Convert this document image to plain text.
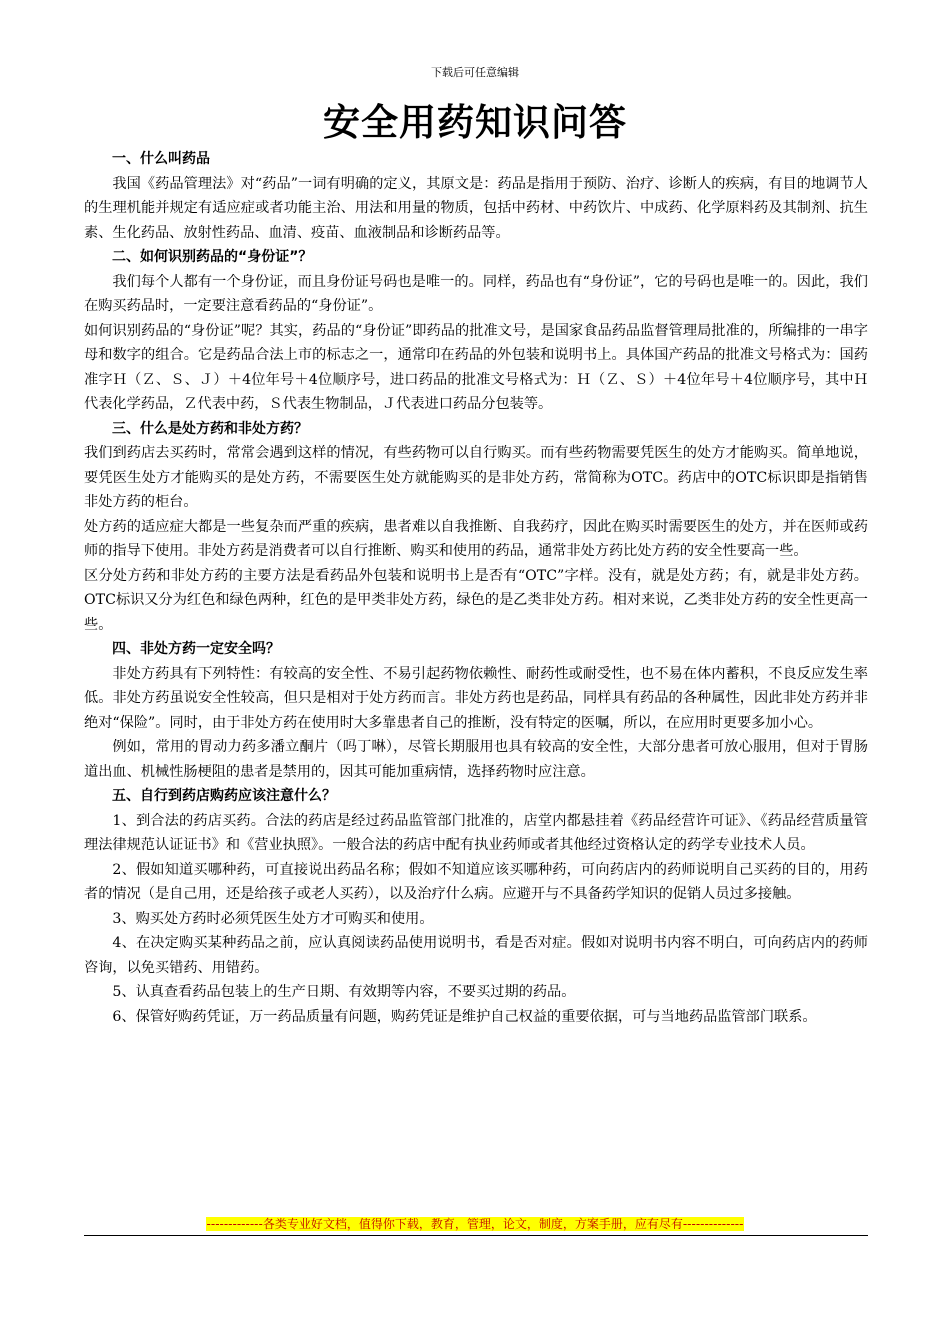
下载后可任意编辑
安全用药知识问答

一、什么叫药品

我国《药品管理法》对“药品”一词有明确的定义，其原文是：药品是指用于预防、治疗、诊断人的疾病，有目的地调节人的生理机能并规定有适应症或者功能主治、用法和用量的物质，包括中药材、中药饮片、中成药、化学原料药及其制剂、抗生素、生化药品、放射性药品、血清、疫苗、血液制品和诊断药品等。

二、如何识别药品的“身份证”？

我们每个人都有一个身份证，而且身份证号码也是唯一的。同样，药品也有“身份证”，它的号码也是唯一的。因此，我们在购买药品时，一定要注意看药品的“身份证”。

如何识别药品的“身份证”呢？其实，药品的“身份证”即药品的批准文号，是国家食品药品监督管理局批准的，所编排的一串字母和数字的组合。它是药品合法上市的标志之一，通常印在药品的外包装和说明书上。具体国产药品的批准文号格式为：国药准字Ｈ（Ｚ、Ｓ、Ｊ）＋4位年号＋4位顺序号，进口药品的批准文号格式为：Ｈ（Ｚ、Ｓ）＋4位年号＋4位顺序号，其中Ｈ代表化学药品，Ｚ代表中药，Ｓ代表生物制品，Ｊ代表进口药品分包装等。

三、什么是处方药和非处方药？

我们到药店去买药时，常常会遇到这样的情况，有些药物可以自行购买。而有些药物需要凭医生的处方才能购买。简单地说，要凭医生处方才能购买的是处方药，不需要医生处方就能购买的是非处方药，常简称为OTC。药店中的OTC标识即是指销售非处方药的柜台。

处方药的适应症大都是一些复杂而严重的疾病，患者难以自我推断、自我药疗，因此在购买时需要医生的处方，并在医师或药师的指导下使用。非处方药是消费者可以自行推断、购买和使用的药品，通常非处方药比处方药的安全性要高一些。

区分处方药和非处方药的主要方法是看药品外包装和说明书上是否有“OTC”字样。没有，就是处方药；有，就是非处方药。OTC标识又分为红色和绿色两种，红色的是甲类非处方药，绿色的是乙类非处方药。相对来说，乙类非处方药的安全性更高一些。

四、非处方药一定安全吗？

非处方药具有下列特性：有较高的安全性、不易引起药物依赖性、耐药性或耐受性，也不易在体内蓄积，不良反应发生率低。非处方药虽说安全性较高，但只是相对于处方药而言。非处方药也是药品，同样具有药品的各种属性，因此非处方药并非绝对“保险”。同时，由于非处方药在使用时大多靠患者自己的推断，没有特定的医嘱，所以，在应用时更要多加小心。

例如，常用的胃动力药多潘立酮片（吗丁啉），尽管长期服用也具有较高的安全性，大部分患者可放心服用，但对于胃肠道出血、机械性肠梗阻的患者是禁用的，因其可能加重病情，选择药物时应注意。

五、自行到药店购药应该注意什么？

1、到合法的药店买药。合法的药店是经过药品监管部门批准的，店堂内都悬挂着《药品经营许可证》、《药品经营质量管理法律规范认证证书》和《营业执照》。一般合法的药店中配有执业药师或者其他经过资格认定的药学专业技术人员。

2、假如知道买哪种药，可直接说出药品名称；假如不知道应该买哪种药，可向药店内的药师说明自己买药的目的，用药者的情况（是自己用，还是给孩子或老人买药），以及治疗什么病。应避开与不具备药学知识的促销人员过多接触。

3、购买处方药时必须凭医生处方才可购买和使用。

4、在决定购买某种药品之前，应认真阅读药品使用说明书，看是否对症。假如对说明书内容不明白，可向药店内的药师咨询，以免买错药、用错药。

5、认真查看药品包装上的生产日期、有效期等内容，不要买过期的药品。

6、保管好购药凭证，万一药品质量有问题，购药凭证是维护自己权益的重要依据，可与当地药品监管部门联系。

-------------各类专业好文档，值得你下载，教育，管理，论文，制度，方案手册，应有尽有--------------
